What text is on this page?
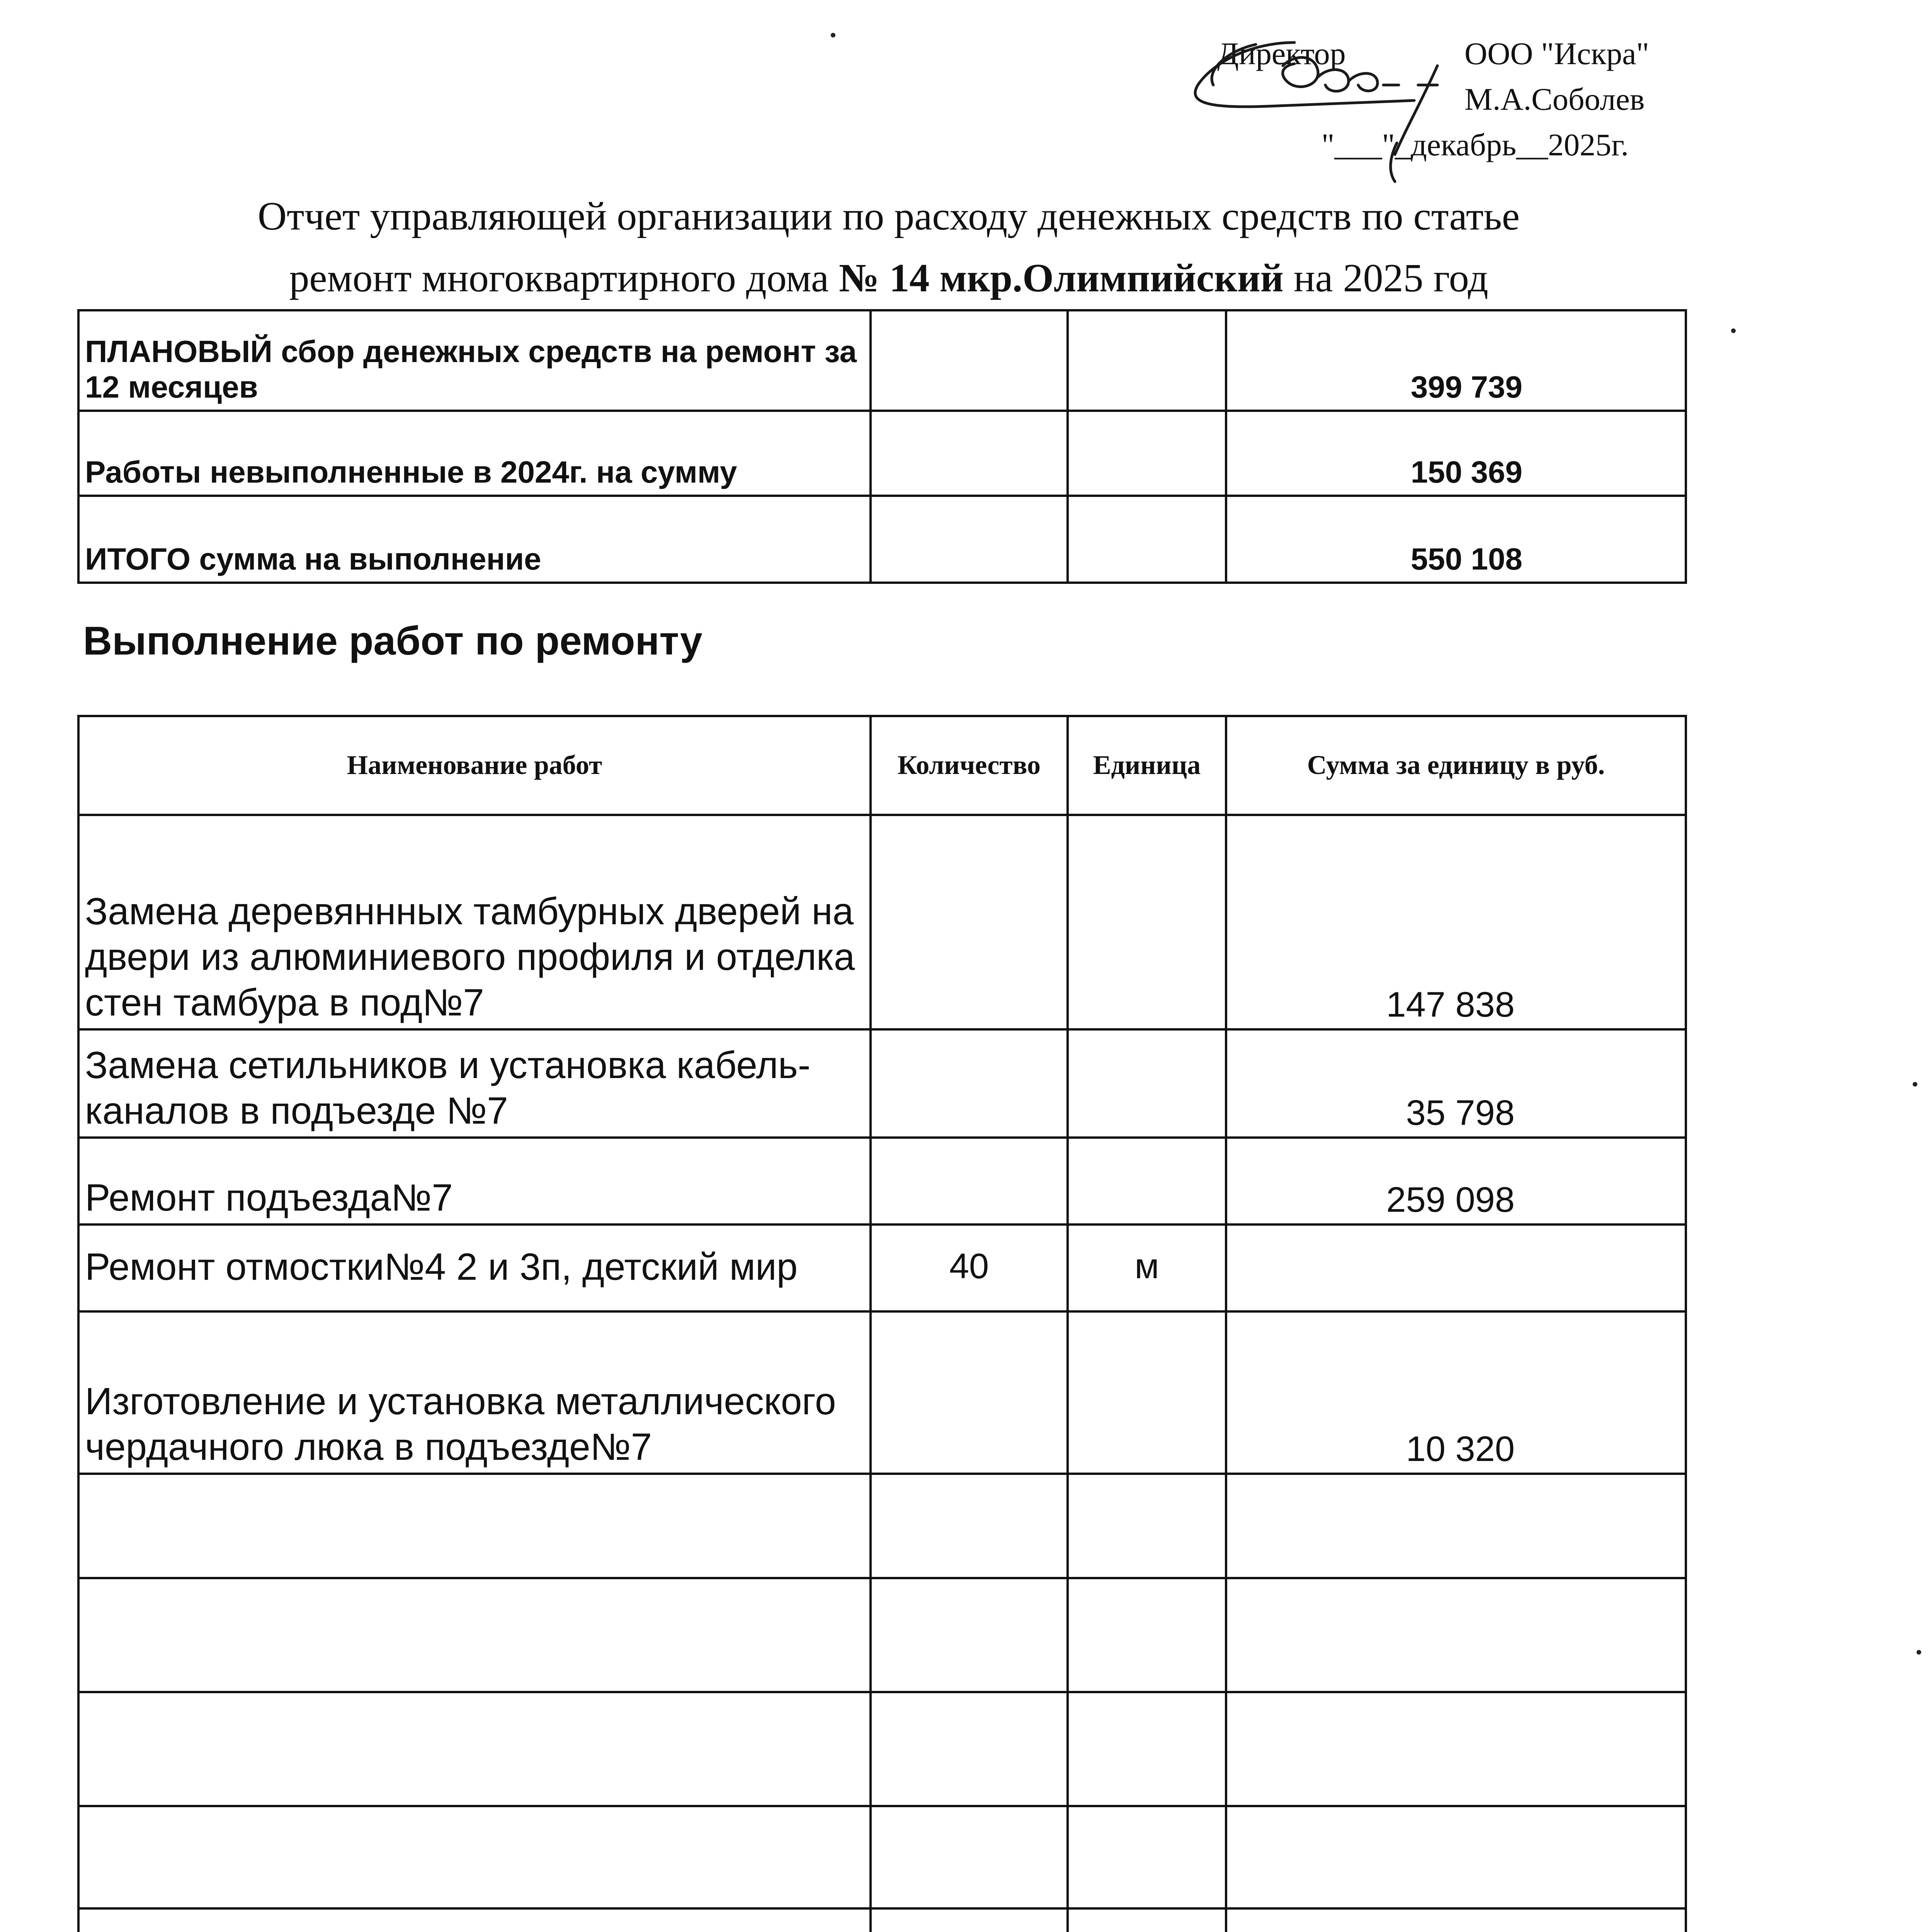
Директор	ООО "Искра"
М.А.Соболев
"___"_декабрь__2025г.
Отчет управляющей организации по расходу денежных средств по статье
ремонт многоквартирного дома № 14 мкр.Олимпийский на 2025 год
ПЛАНОВЫЙ сбор денежных средств на ремонт за 12 месяцев			399 739
Работы невыполненные в 2024г. на сумму			150 369
ИТОГО сумма на выполнение			550 108
Выполнение работ по ремонту
Наименование работ	Количество	Единица	Сумма за единицу в руб.
Замена деревяннных тамбурных дверей на двери из алюминиевого профиля и отделка стен тамбура в под№7			147 838
Замена сетильников и установка кабель-каналов в подъезде №7			35 798
Ремонт подъезда№7			259 098
Ремонт отмостки№4 2 и 3п, детский мир	40	м	
Изготовление и установка металлического чердачного люка в подъезде№7			10 320
